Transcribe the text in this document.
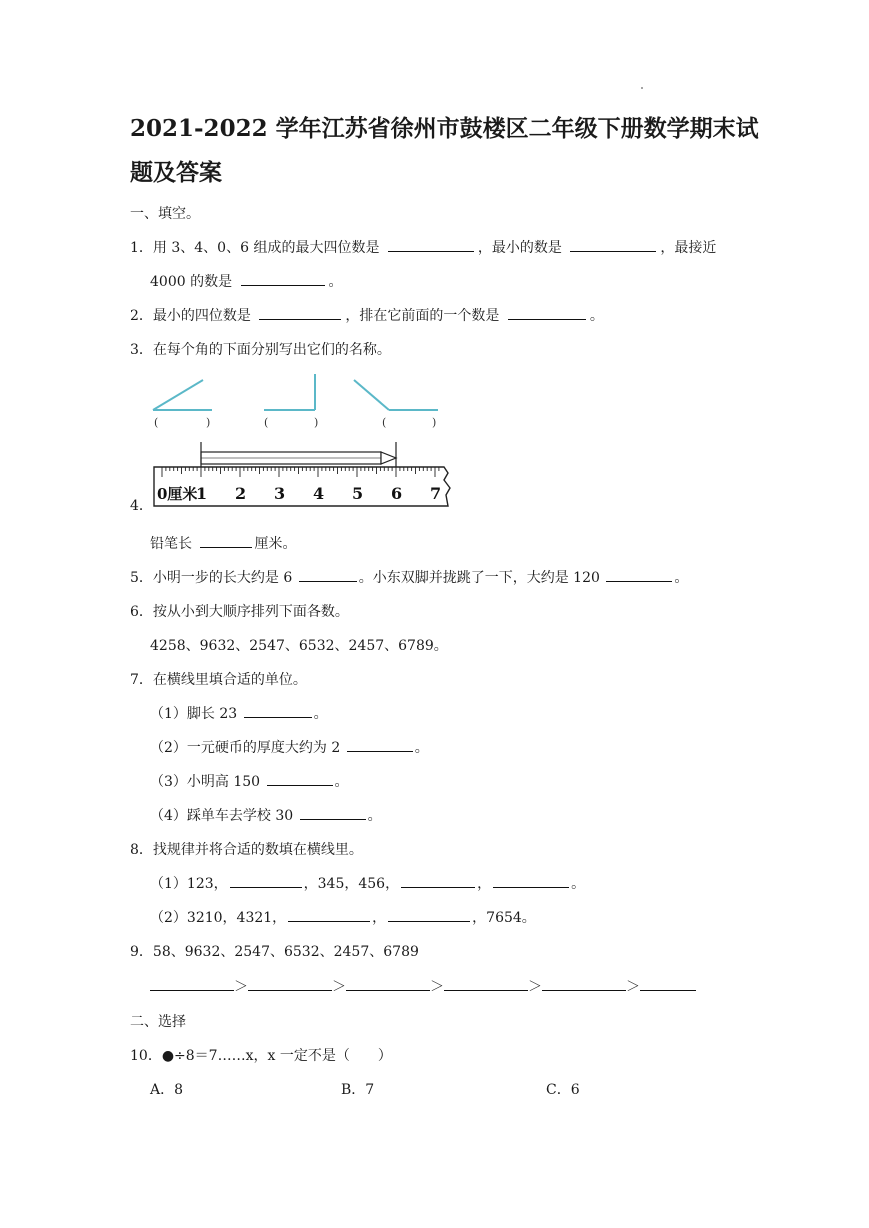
2021-2022 学年江苏省徐州市鼓楼区二年级下册数学期末试
题及答案
一、填空。
1．用 3、4、0、6 组成的最大四位数是	，最小的数是	，最接近
4000 的数是	。
2．最小的四位数是	，排在它前面的一个数是	。
3．在每个角的下面分别写出它们的名称。
(	)	(	)	(	)
0厘米
1 2 3 4 5 6 7
4．
铅笔长	厘米。
5．小明一步的长大约是 6	。小东双脚并拢跳了一下，大约是 120	。
6．按从小到大顺序排列下面各数。
4258、9632、2547、6532、2457、6789。
7．在横线里填合适的单位。
（1）脚长 23	。
（2）一元硬币的厚度大约为 2	。
（3）小明高 150	。
（4）踩单车去学校 30	。
8．找规律并将合适的数填在横线里。
（1）123，	，345，456，	，	。
（2）3210，4321，	，	，7654。
9．58、9632、2547、6532、2457、6789
＞	＞	＞	＞	＞
二、选择
10．●÷8＝7……x，x 一定不是（　　）
A．8	B．7	C．6
